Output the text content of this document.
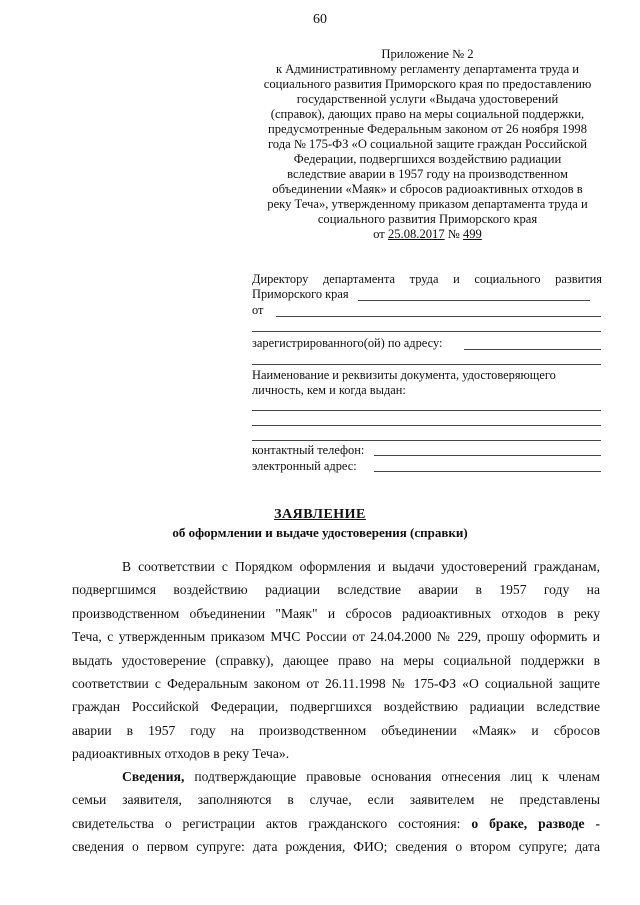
60
Приложение № 2
к Административному регламенту департамента труда и
социального развития Приморского края по предоставлению
государственной услуги «Выдача удостоверений
(справок), дающих право на меры социальной поддержки,
предусмотренные Федеральным законом от 26 ноября 1998
года № 175-ФЗ «О социальной защите граждан Российской
Федерации, подвергшихся воздействию радиации
вследствие аварии в 1957 году на производственном
объединении «Маяк» и сбросов радиоактивных отходов в
реку Теча», утвержденному приказом департамента труда и
социального развития Приморского края
от 25.08.2017 № 499
Директору департамента труда и социального развития
Приморского края
от
зарегистрированного(ой) по адресу:
Наименование и реквизиты документа, удостоверяющего
личность, кем и когда выдан:
контактный телефон:
электронный адрес:
ЗАЯВЛЕНИЕ
об оформлении и выдаче удостоверения (справки)
В соответствии с Порядком оформления и выдачи удостоверений гражданам,
подвергшимся воздействию радиации вследствие аварии в 1957 году на
производственном объединении "Маяк" и сбросов радиоактивных отходов в реку
Теча, с утвержденным приказом МЧС России от 24.04.2000 № 229, прошу оформить и
выдать удостоверение (справку), дающее право на меры социальной поддержки в
соответствии с Федеральным законом от 26.11.1998 № 175-ФЗ «О социальной защите
граждан Российской Федерации, подвергшихся воздействию радиации вследствие
аварии в 1957 году на производственном объединении «Маяк» и сбросов
радиоактивных отходов в реку Теча».
Сведения, подтверждающие правовые основания отнесения лиц к членам
семьи заявителя, заполняются в случае, если заявителем не представлены
свидетельства о регистрации актов гражданского состояния: о браке, разводе -
сведения о первом супруге: дата рождения, ФИО; сведения о втором супруге; дата
